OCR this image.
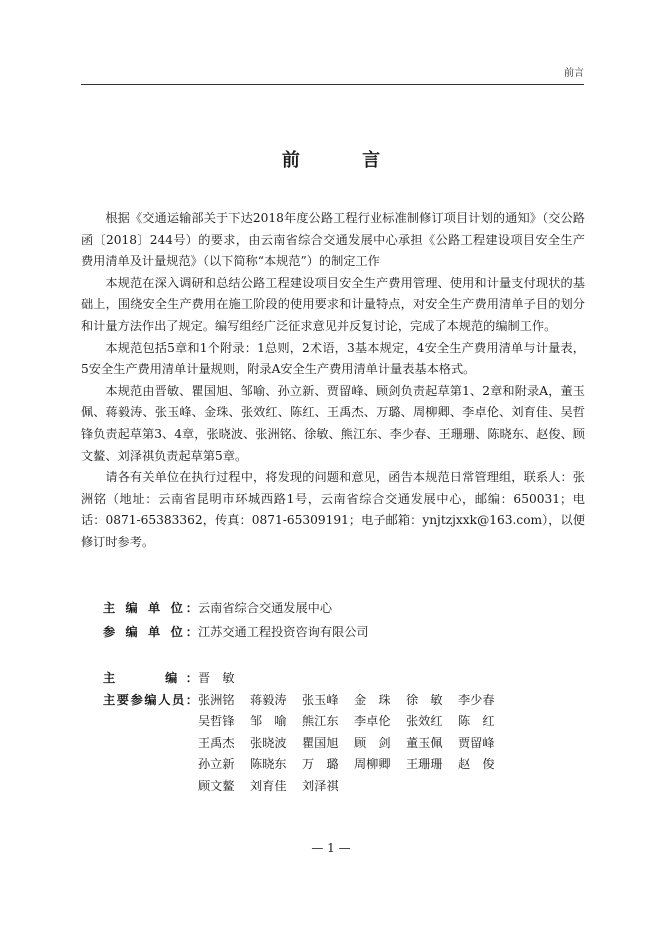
前言
前 言

根据《交通运输部关于下达2018年度公路工程行业标准制修订项目计划的通知》（交公路函〔2018〕244号）的要求，由云南省综合交通发展中心承担《公路工程建设项目安全生产费用清单及计量规范》（以下简称“本规范”）的制定工作

本规范在深入调研和总结公路工程建设项目安全生产费用管理、使用和计量支付现状的基础上，围绕安全生产费用在施工阶段的使用要求和计量特点，对安全生产费用清单子目的划分和计量方法作出了规定。编写组经广泛征求意见并反复讨论，完成了本规范的编制工作。

本规范包括5章和1个附录：1总则，2术语，3基本规定，4安全生产费用清单与计量表，5安全生产费用清单计量规则，附录A安全生产费用清单计量表基本格式。

本规范由晋敏、瞿国旭、邹喻、孙立新、贾留峰、顾剑负责起草第1、2章和附录A，董玉佩、蒋毅涛、张玉峰、金珠、张效红、陈红、王禹杰、万璐、周柳卿、李卓伦、刘育佳、吴哲锋负责起草第3、4章，张晓波、张洲铭、徐敏、熊江东、李少春、王珊珊、陈晓东、赵俊、顾文鳌、刘泽祺负责起草第5章。

请各有关单位在执行过程中，将发现的问题和意见，函告本规范日常管理组，联系人：张洲铭（地址：云南省昆明市环城西路1号，云南省综合交通发展中心，邮编：650031；电话：0871-65383362，传真：0871-65309191；电子邮箱：ynjtzjxxk@163.com），以便修订时参考。

主 编 单 位： 云南省综合交通发展中心
参 编 单 位： 江苏交通工程投资咨询有限公司
主　　编： 晋　敏
主要参编人员： 张洲铭	蒋毅涛	张玉峰	金　珠	徐　敏	李少春
吴哲锋	邹　喻	熊江东	李卓伦	张效红	陈　红
王禹杰	张晓波	瞿国旭	顾　剑	董玉佩	贾留峰
孙立新	陈晓东	万　璐	周柳卿	王珊珊	赵　俊
顾文鳌	刘育佳	刘泽祺
— 1 —
